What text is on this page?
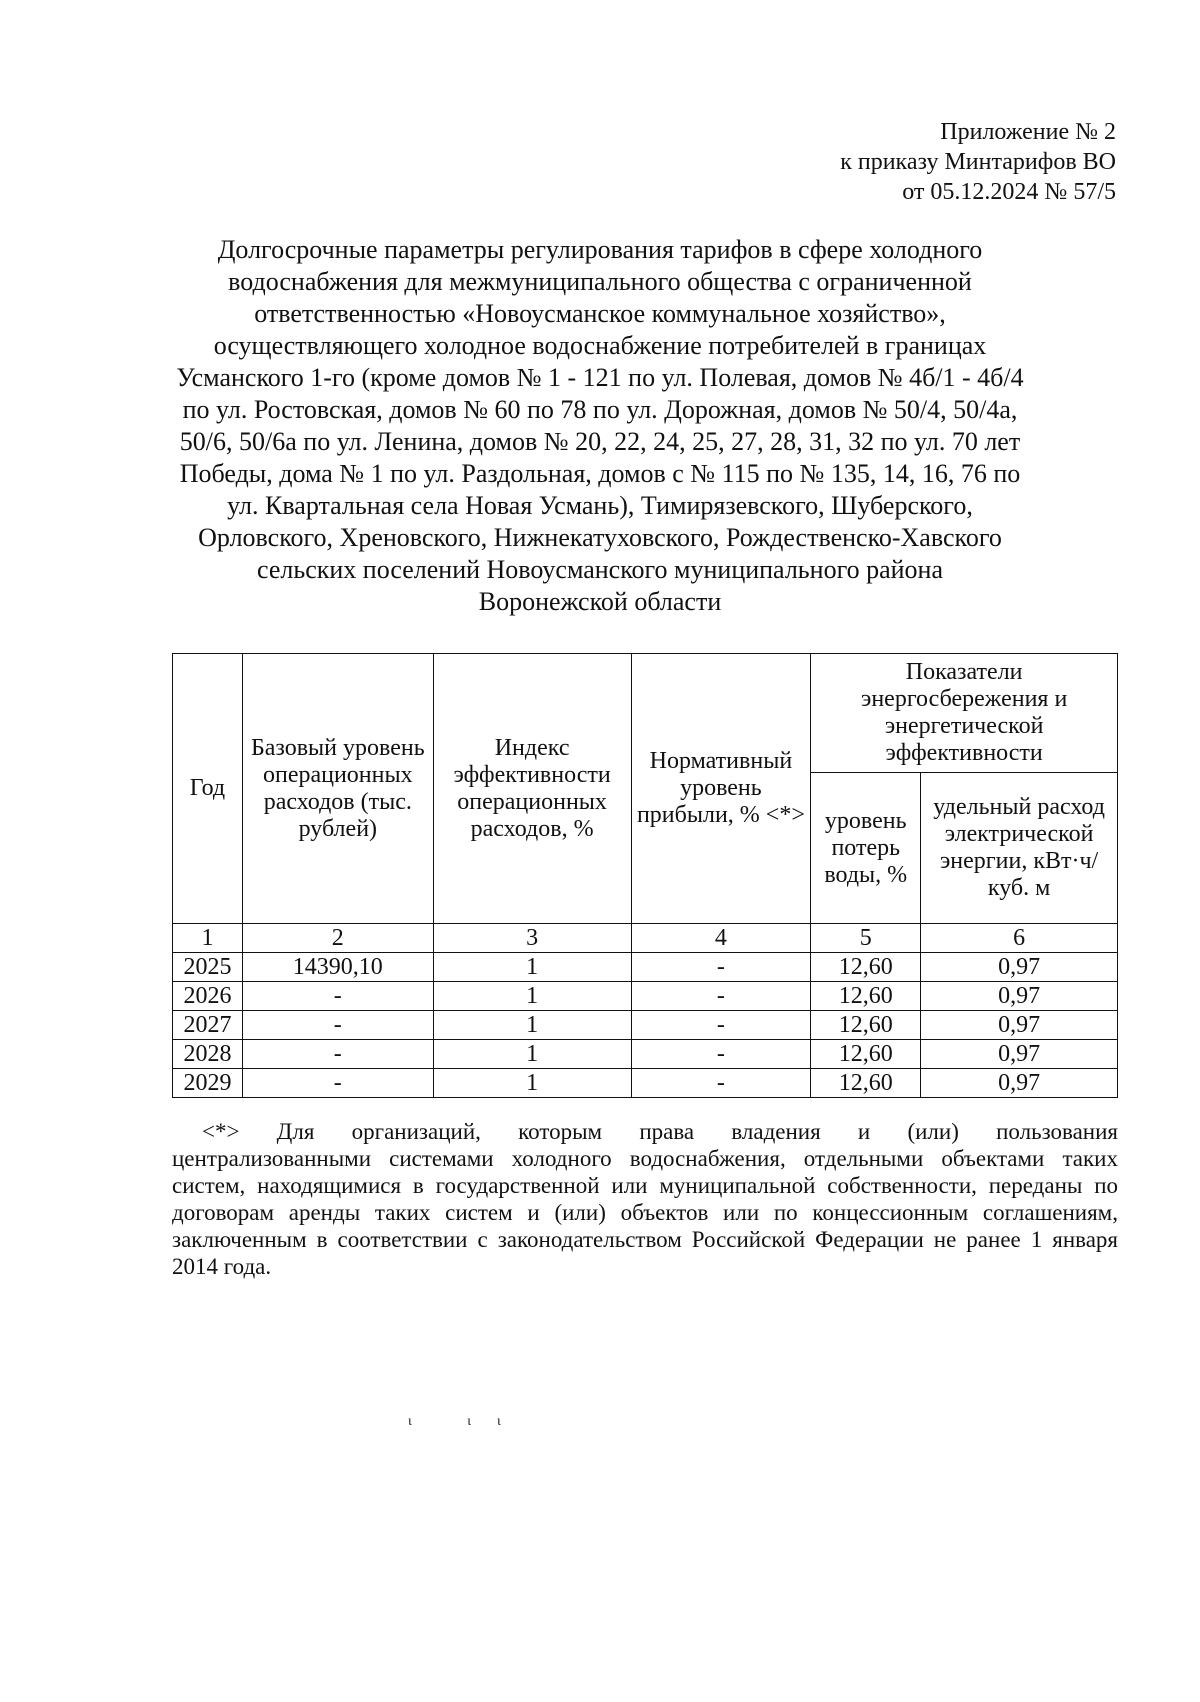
Приложение № 2
к приказу Минтарифов ВО
от 05.12.2024 № 57/5
Долгосрочные параметры регулирования тарифов в сфере холодного
водоснабжения для межмуниципального общества с ограниченной
ответственностью «Новоусманское коммунальное хозяйство»,
осуществляющего холодное водоснабжение потребителей в границах
Усманского 1-го (кроме домов № 1 - 121 по ул. Полевая, домов № 4б/1 - 4б/4
по ул. Ростовская, домов № 60 по 78 по ул. Дорожная, домов № 50/4, 50/4а,
50/6, 50/6а по ул. Ленина, домов № 20, 22, 24, 25, 27, 28, 31, 32 по ул. 70 лет
Победы, дома № 1 по ул. Раздольная, домов с № 115 по № 135, 14, 16, 76 по
ул. Квартальная села Новая Усмань), Тимирязевского, Шуберского,
Орловского, Хреновского, Нижнекатуховского, Рождественско-Хавского
сельских поселений Новоусманского муниципального района
Воронежской области
Год	Базовый уровень операционных расходов (тыс. рублей)	Индекс эффективности операционных расходов, %	Нормативный уровень прибыли, % <*>	Показатели энергосбережения и энергетической эффективности	
				уровень потерь воды, %	удельный расход электрической энергии, кВт·ч/куб. м
1	2	3	4	5	6
2025	14390,10	1	-	12,60	0,97
2026	-	1	-	12,60	0,97
2027	-	1	-	12,60	0,97
2028	-	1	-	12,60	0,97
2029	-	1	-	12,60	0,97
<*> Для организаций, которым права владения и (или) пользования
централизованными системами холодного водоснабжения, отдельными объектами таких
систем, находящимися в государственной или муниципальной собственности, переданы по
договорам аренды таких систем и (или) объектов или по концессионным соглашениям,
заключенным в соответствии с законодательством Российской Федерации не ранее 1 января
2014 года.
ι ιι
